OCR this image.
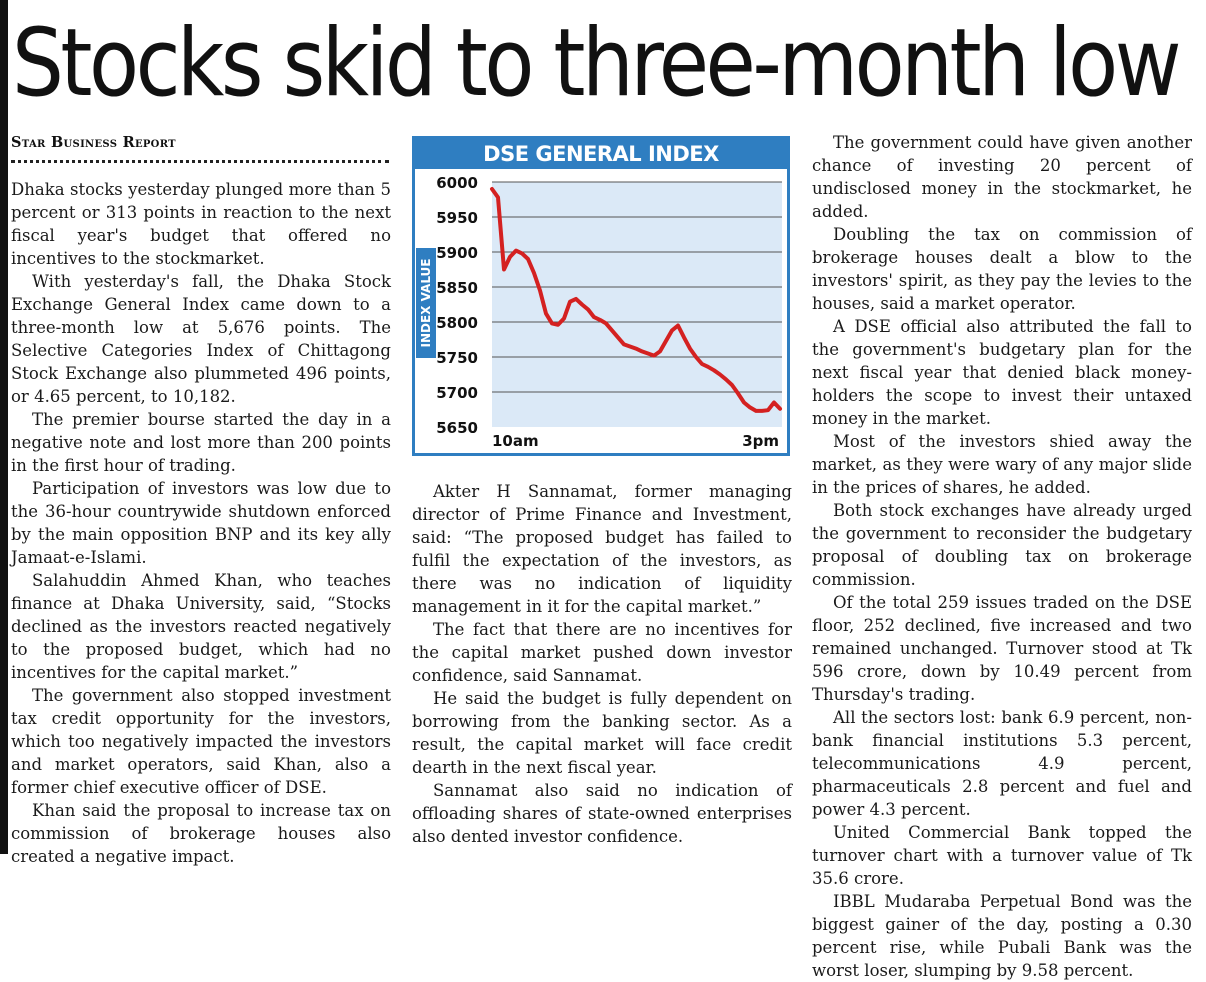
Stocks skid to three-month low
Star Business Report

Dhaka stocks yesterday plunged more than 5 percent or 313 points in reaction to the next fiscal year's budget that offered no incentives to the stockmarket.

With yesterday's fall, the Dhaka Stock Exchange General Index came down to a three-month low at 5,676 points. The Selective Categories Index of Chittagong Stock Exchange also plummeted 496 points, or 4.65 percent, to 10,182.

The premier bourse started the day in a negative note and lost more than 200 points in the first hour of trading.

Participation of investors was low due to the 36-hour countrywide shutdown enforced by the main opposition BNP and its key ally Jamaat-e-Islami.

Salahuddin Ahmed Khan, who teaches finance at Dhaka University, said, “Stocks declined as the investors reacted negatively to the proposed budget, which had no incentives for the capital market.”

The government also stopped investment tax credit opportunity for the investors, which too negatively impacted the investors and market operators, said Khan, also a former chief executive officer of DSE.

Khan said the proposal to increase tax on commission of brokerage houses also created a negative impact.

DSE GENERAL INDEX
INDEX VALUE
6000
5950
5900
5850
5800
5750
5700
5650
10am	3pm

Akter H Sannamat, former managing director of Prime Finance and Investment, said: “The proposed budget has failed to fulfil the expectation of the investors, as there was no indication of liquidity management in it for the capital market.”

The fact that there are no incentives for the capital market pushed down investor confidence, said Sannamat.

He said the budget is fully dependent on borrowing from the banking sector. As a result, the capital market will face credit dearth in the next fiscal year.

Sannamat also said no indication of offloading shares of state-owned enterprises also dented investor confidence.

The government could have given another chance of investing 20 percent of undisclosed money in the stockmarket, he added.

Doubling the tax on commission of brokerage houses dealt a blow to the investors' spirit, as they pay the levies to the houses, said a market operator.

A DSE official also attributed the fall to the government's budgetary plan for the next fiscal year that denied black money-holders the scope to invest their untaxed money in the market.

Most of the investors shied away the market, as they were wary of any major slide in the prices of shares, he added.

Both stock exchanges have already urged the government to reconsider the budgetary proposal of doubling tax on brokerage commission.

Of the total 259 issues traded on the DSE floor, 252 declined, five increased and two remained unchanged. Turnover stood at Tk 596 crore, down by 10.49 percent from Thursday's trading.

All the sectors lost: bank 6.9 percent, non-bank financial institutions 5.3 percent, telecommunications 4.9 percent, pharmaceuticals 2.8 percent and fuel and power 4.3 percent.

United Commercial Bank topped the turnover chart with a turnover value of Tk 35.6 crore.

IBBL Mudaraba Perpetual Bond was the biggest gainer of the day, posting a 0.30 percent rise, while Pubali Bank was the worst loser, slumping by 9.58 percent.
